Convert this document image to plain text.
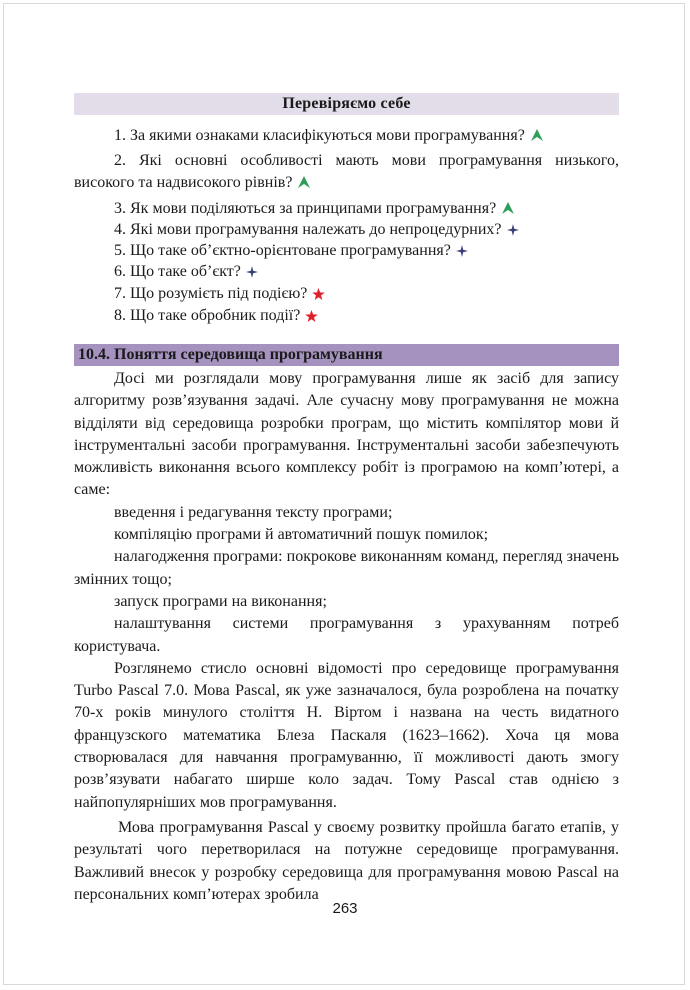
Перевіряємо себе
1. За якими ознаками класифікуються мови програмування?
2. Які основні особливості мають мови програмування низького,
високого та надвисокого рівнів?
3. Як мови поділяються за принципами програмування?
4. Які мови програмування належать до непроцедурних?
5. Що таке об’єктно-орієнтоване програмування?
6. Що таке об’єкт?
7. Що розумієть під подією?
8. Що таке обробник події?
10.4. Поняття середовища програмування

Досі ми розглядали мову програмування лише як засіб для запису алгоритму розв’язування задачі. Але сучасну мову програмування не можна відділяти від середовища розробки програм, що містить компілятор мови й інструментальні засоби програмування. Інструментальні засоби забезпечують можливість виконання всього комплексу робіт із програмою на комп’ютері, а саме:

введення і редагування тексту програми;

компіляцію програми й автоматичний пошук помилок;

налагодження програми: покрокове виконанням команд, перегляд значень змінних тощо;

запуск програми на виконання;

налаштування системи програмування з урахуванням потреб користувача.

Розглянемо стисло основні відомості про середовище програмування Turbo Pascal 7.0. Мова Pascal, як уже зазначалося, була розроблена на початку 70-х років минулого століття Н. Віртом і названа на честь видатного французского математика Блеза Паскаля (1623–1662). Хоча ця мова створювалася для навчання програмуванню, її можливості дають змогу розв’язувати набагато ширше коло задач. Тому Pascal став однією з найпопулярніших мов програмування.

Мова програмування Pascal у своєму розвитку пройшла багато етапів, у результаті чого перетворилася на потужне середовище програмування. Важливий внесок у розробку середовища для програмування мовою Pascal на персональних комп’ютерах зробила

263
